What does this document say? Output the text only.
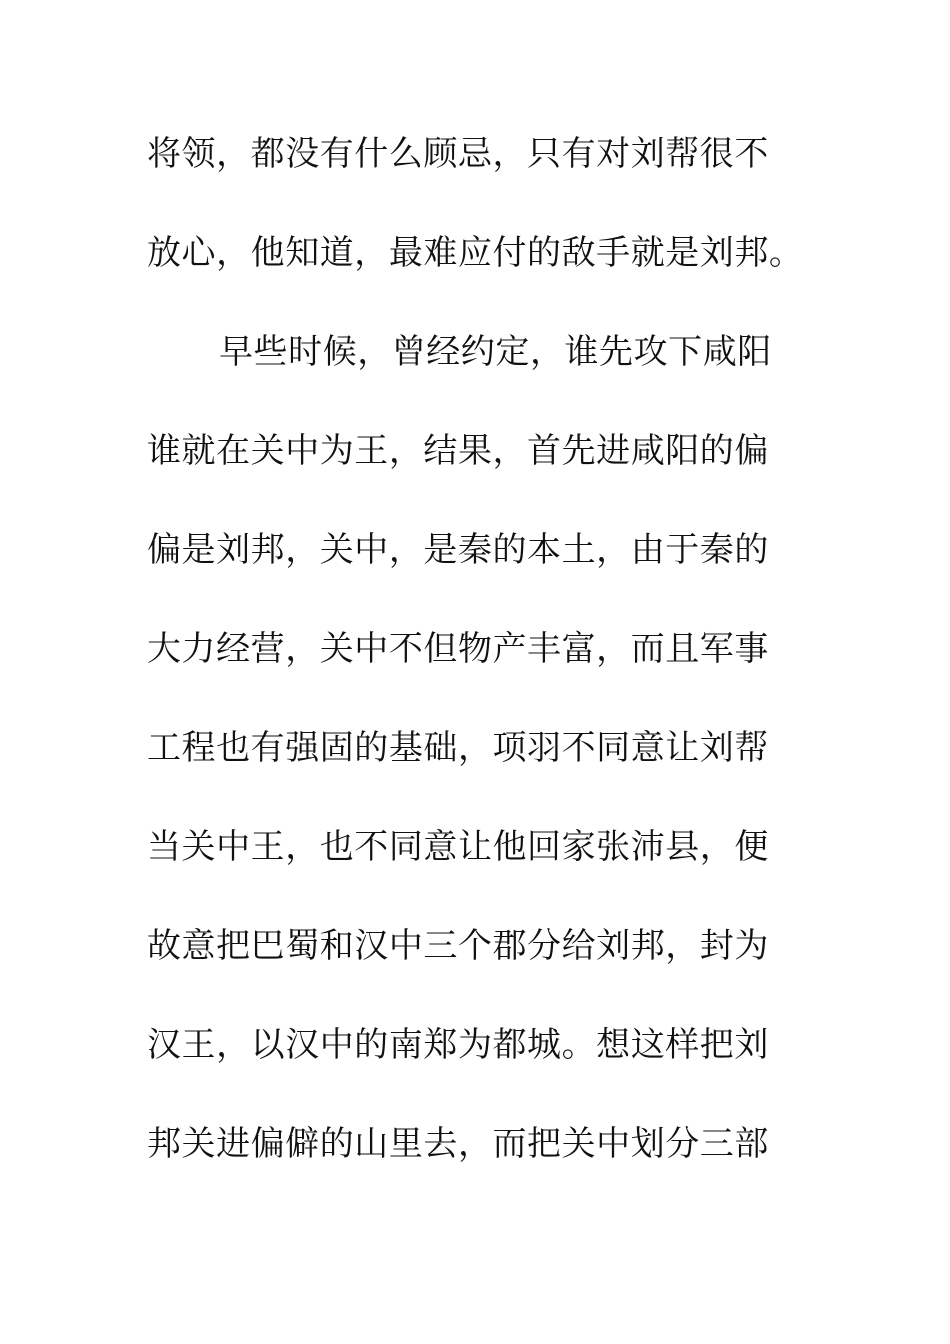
将领，都没有什么顾忌，只有对刘帮很不
放心，他知道，最难应付的敌手就是刘邦。
早些时候，曾经约定，谁先攻下咸阳
谁就在关中为王，结果，首先进咸阳的偏
偏是刘邦，关中，是秦的本土，由于秦的
大力经营，关中不但物产丰富，而且军事
工程也有强固的基础，项羽不同意让刘帮
当关中王，也不同意让他回家张沛县，便
故意把巴蜀和汉中三个郡分给刘邦，封为
汉王，以汉中的南郑为都城。想这样把刘
邦关进偏僻的山里去，而把关中划分三部
